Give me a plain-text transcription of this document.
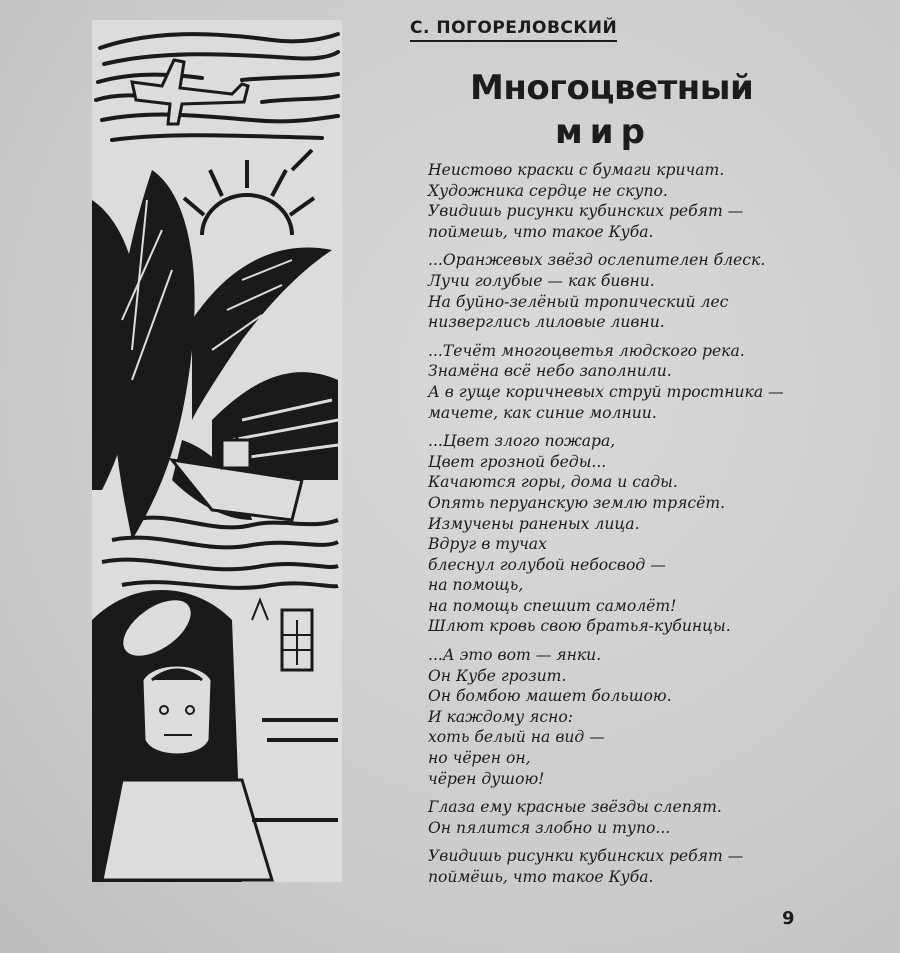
С. ПОГОРЕЛОВСКИЙ
Многоцветный
мир
Неистово краски с бумаги кричат.
Художника сердце не скупо.
Увидишь рисунки кубинских ребят —
поймешь, что такое Куба.
...Оранжевых звёзд ослепителен блеск.
Лучи голубые — как бивни.
На буйно-зелёный тропический лес
низверглись лиловые ливни.
...Течёт многоцветья людского река.
Знамёна всё небо заполнили.
А в гуще коричневых струй тростника —
мачете, как синие молнии.
...Цвет злого пожара,
Цвет грозной беды...
Качаются горы, дома и сады.
Опять перуанскую землю трясёт.
Измучены раненых лица.
Вдруг в тучах
блеснул голубой небосвод —
на помощь,
на помощь спешит самолёт!
Шлют кровь свою братья-кубинцы.
...А это вот — янки.
Он Кубе грозит.
Он бомбою машет большою.
И каждому ясно:
хоть белый на вид —
но чёрен он,
чёрен душою!
Глаза ему красные звёзды слепят.
Он пялится злобно и тупо...
Увидишь рисунки кубинских ребят —
поймёшь, что такое Куба.
9
